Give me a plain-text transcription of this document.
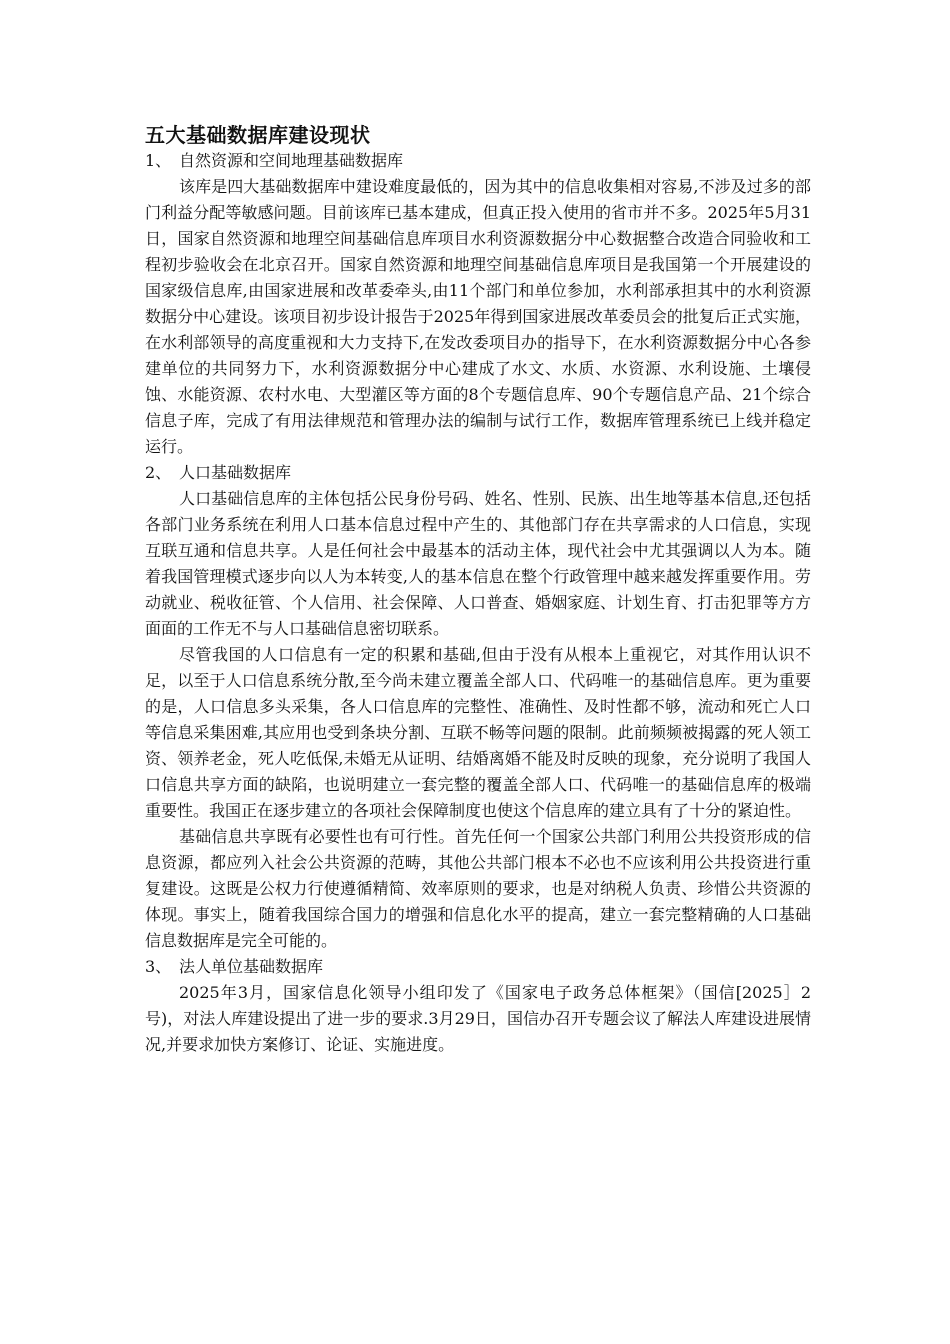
五大基础数据库建设现状

1、 自然资源和空间地理基础数据库

该库是四大基础数据库中建设难度最低的，因为其中的信息收集相对容易,不涉及过多的部门利益分配等敏感问题。目前该库已基本建成，但真正投入使用的省市并不多。2025年5月31日，国家自然资源和地理空间基础信息库项目水利资源数据分中心数据整合改造合同验收和工程初步验收会在北京召开。国家自然资源和地理空间基础信息库项目是我国第一个开展建设的国家级信息库,由国家进展和改革委牵头,由11个部门和单位参加，水利部承担其中的水利资源数据分中心建设。该项目初步设计报告于2025年得到国家进展改革委员会的批复后正式实施，在水利部领导的高度重视和大力支持下,在发改委项目办的指导下，在水利资源数据分中心各参建单位的共同努力下，水利资源数据分中心建成了水文、水质、水资源、水利设施、土壤侵蚀、水能资源、农村水电、大型灌区等方面的8个专题信息库、90个专题信息产品、21个综合信息子库，完成了有用法律规范和管理办法的编制与试行工作，数据库管理系统已上线并稳定运行。

2、 人口基础数据库

人口基础信息库的主体包括公民身份号码、姓名、性别、民族、出生地等基本信息,还包括各部门业务系统在利用人口基本信息过程中产生的、其他部门存在共享需求的人口信息，实现互联互通和信息共享。人是任何社会中最基本的活动主体，现代社会中尤其强调以人为本。随着我国管理模式逐步向以人为本转变,人的基本信息在整个行政管理中越来越发挥重要作用。劳动就业、税收征管、个人信用、社会保障、人口普查、婚姻家庭、计划生育、打击犯罪等方方面面的工作无不与人口基础信息密切联系。

尽管我国的人口信息有一定的积累和基础,但由于没有从根本上重视它，对其作用认识不足，以至于人口信息系统分散,至今尚未建立覆盖全部人口、代码唯一的基础信息库。更为重要的是，人口信息多头采集，各人口信息库的完整性、准确性、及时性都不够，流动和死亡人口等信息采集困难,其应用也受到条块分割、互联不畅等问题的限制。此前频频被揭露的死人领工资、领养老金，死人吃低保,未婚无从证明、结婚离婚不能及时反映的现象，充分说明了我国人口信息共享方面的缺陷，也说明建立一套完整的覆盖全部人口、代码唯一的基础信息库的极端重要性。我国正在逐步建立的各项社会保障制度也使这个信息库的建立具有了十分的紧迫性。

基础信息共享既有必要性也有可行性。首先任何一个国家公共部门利用公共投资形成的信息资源，都应列入社会公共资源的范畴，其他公共部门根本不必也不应该利用公共投资进行重复建设。这既是公权力行使遵循精简、效率原则的要求，也是对纳税人负责、珍惜公共资源的体现。事实上，随着我国综合国力的增强和信息化水平的提高，建立一套完整精确的人口基础信息数据库是完全可能的。

3、 法人单位基础数据库

2025年3月，国家信息化领导小组印发了《国家电子政务总体框架》（国信[2025］2号)，对法人库建设提出了进一步的要求.3月29日，国信办召开专题会议了解法人库建设进展情况,并要求加快方案修订、论证、实施进度。
